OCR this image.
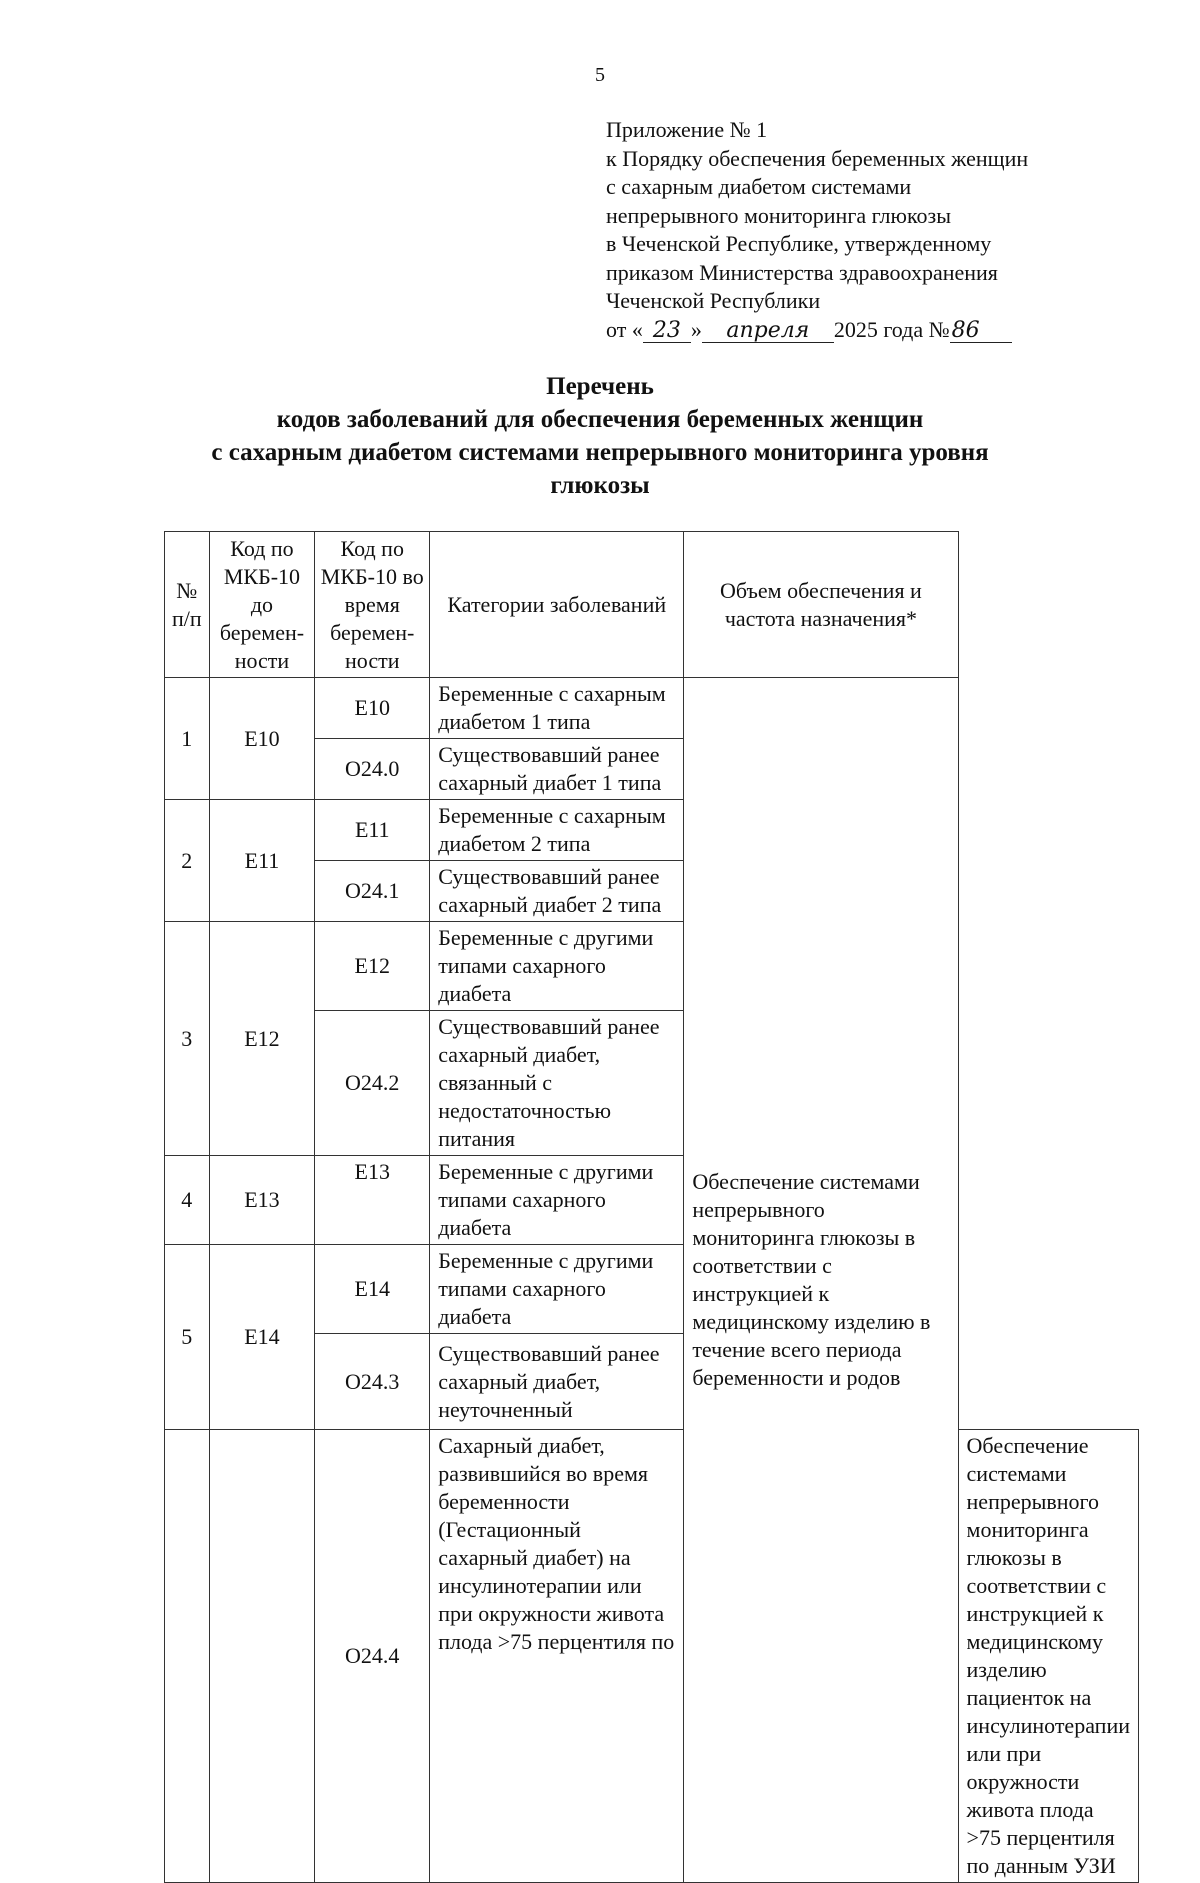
5
Приложение № 1
к Порядку обеспечения беременных женщин
с сахарным диабетом системами
непрерывного мониторинга глюкозы
в Чеченской Республике, утвержденному
приказом Министерства здравоохранения
Чеченской Республики
от « 23 » апреля 2025 года №86
Перечень
кодов заболеваний для обеспечения беременных женщин
с сахарным диабетом системами непрерывного мониторинга уровня
глюкозы
№ п/п	Код по МКБ-10 до беремен-ности	Код по МКБ-10 во время беремен-ности	Категории заболеваний	Объем обеспечения и частота назначения*	
1	E10	E10	Беременные с сахарным диабетом 1 типа	Обеспечение системами непрерывного мониторинга глюкозы в соответствии с инструкцией к медицинскому изделию в течение всего периода беременности и родов	
		O24.0	Существовавший ранее сахарный диабет 1 типа		
2	E11	E11	Беременные с сахарным диабетом 2 типа		
		O24.1	Существовавший ранее сахарный диабет 2 типа		
3	E12	E12	Беременные с другими типами сахарного диабета		
		O24.2	Существовавший ранее сахарный диабет, связанный с недостаточностью питания		
4	E13	E13	Беременные с другими типами сахарного диабета		
5	E14	E14	Беременные с другими типами сахарного диабета		
		O24.3	Существовавший ранее сахарный диабет, неуточненный		
		O24.4	Сахарный диабет, развившийся во время беременности (Гестационный сахарный диабет) на инсулинотерапии или при окружности живота плода >75 перцентиля по		Обеспечение системами непрерывного мониторинга глюкозы в соответствии с инструкцией к медицинскому изделию пациенток на инсулинотерапии или при окружности живота плода >75 перцентиля по данным УЗИ
